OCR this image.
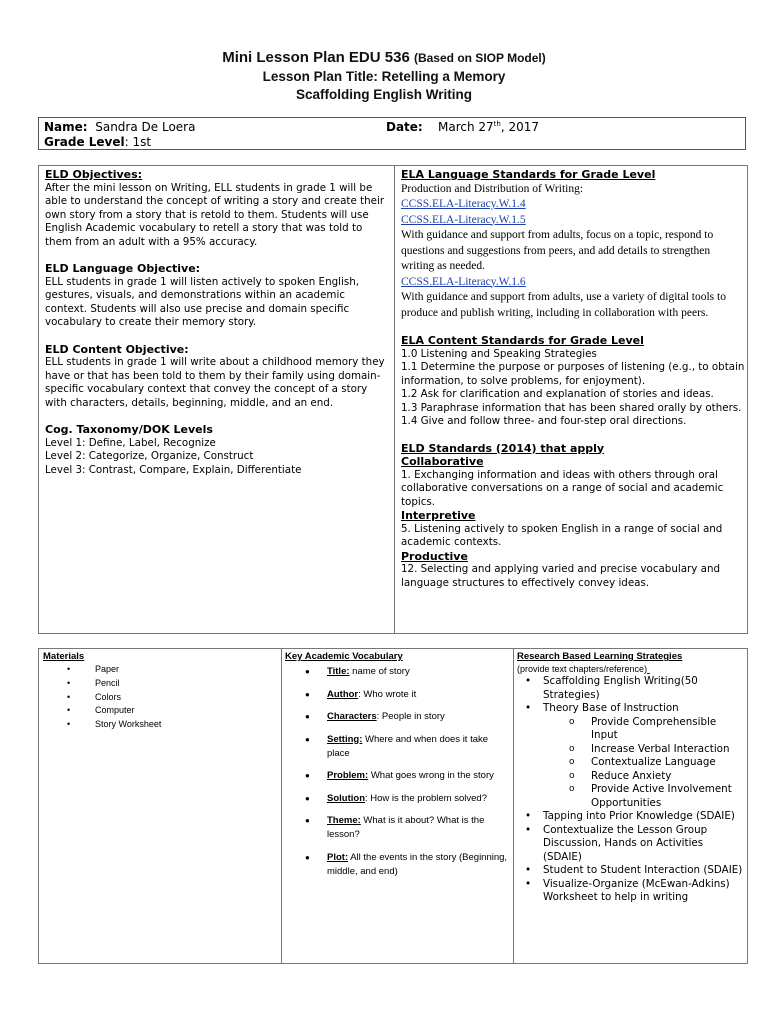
Mini Lesson Plan EDU 536 (Based on SIOP Model)
Lesson Plan Title: Retelling a Memory
Scaffolding English Writing
Name: Sandra De Loera	Date: March 27th, 2017
Grade Level: 1st
ELD Objectives:
After the mini lesson on Writing, ELL students in grade 1 will be able to understand the concept of writing a story and create their own story from a story that is retold to them. Students will use English Academic vocabulary to retell a story that was told to them from an adult with a 95% accuracy.
ELD Language Objective:
ELL students in grade 1 will listen actively to spoken English, gestures, visuals, and demonstrations within an academic context. Students will also use precise and domain specific vocabulary to create their memory story.
ELD Content Objective:
ELL students in grade 1 will write about a childhood memory they have or that has been told to them by their family using domain-specific vocabulary context that convey the concept of a story with characters, details, beginning, middle, and an end.
Cog. Taxonomy/DOK Levels
Level 1: Define, Label, Recognize
Level 2: Categorize, Organize, Construct
Level 3: Contrast, Compare, Explain, Differentiate
ELA Language Standards for Grade Level
Production and Distribution of Writing:
CCSS.ELA-Literacy.W.1.4
CCSS.ELA-Literacy.W.1.5
With guidance and support from adults, focus on a topic, respond to questions and suggestions from peers, and add details to strengthen writing as needed.
CCSS.ELA-Literacy.W.1.6
With guidance and support from adults, use a variety of digital tools to produce and publish writing, including in collaboration with peers.
ELA Content Standards for Grade Level
1.0 Listening and Speaking Strategies
1.1 Determine the purpose or purposes of listening (e.g., to obtain information, to solve problems, for enjoyment).
1.2 Ask for clarification and explanation of stories and ideas.
1.3 Paraphrase information that has been shared orally by others.
1.4 Give and follow three- and four-step oral directions.
ELD Standards (2014) that apply
Collaborative
1. Exchanging information and ideas with others through oral collaborative conversations on a range of social and academic topics.
Interpretive
5. Listening actively to spoken English in a range of social and academic contexts.
Productive
12. Selecting and applying varied and precise vocabulary and language structures to effectively convey ideas.
Materials
• Paper
• Pencil
• Colors
• Computer
• Story Worksheet
Key Academic Vocabulary
● Title: name of story
● Author: Who wrote it
● Characters: People in story
● Setting: Where and when does it take place
● Problem: What goes wrong in the story
● Solution: How is the problem solved?
● Theme: What is it about? What is the lesson?
● Plot: All the events in the story (Beginning, middle, and end)
Research Based Learning Strategies
(provide text chapters/reference)
• Scaffolding English Writing(50 Strategies)
• Theory Base of Instruction
o Provide Comprehensible Input
o Increase Verbal Interaction
o Contextualize Language
o Reduce Anxiety
o Provide Active Involvement Opportunities
• Tapping into Prior Knowledge (SDAIE)
• Contextualize the Lesson Group Discussion, Hands on Activities (SDAIE)
• Student to Student Interaction (SDAIE)
• Visualize-Organize (McEwan-Adkins) Worksheet to help in writing
